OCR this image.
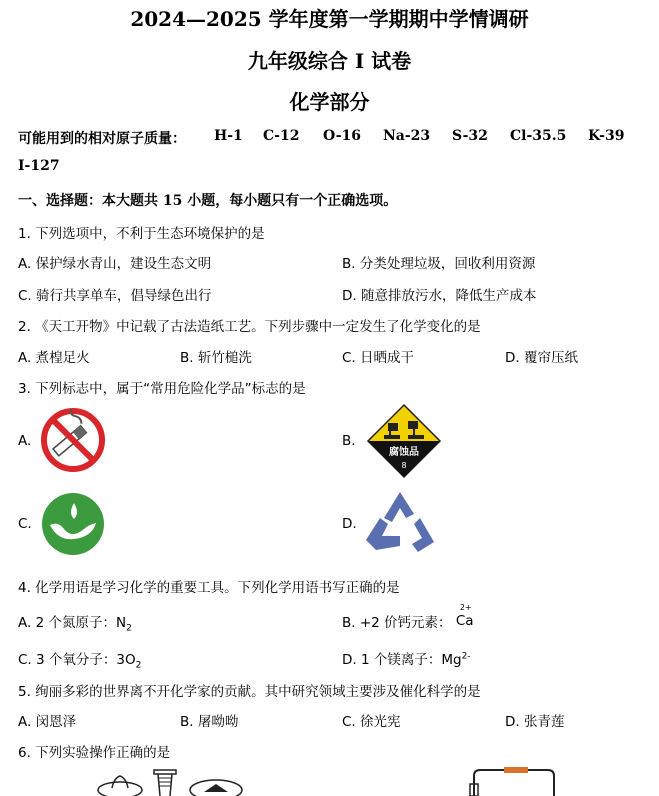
2024—2025 学年度第一学期期中学情调研
九年级综合 I 试卷
化学部分
可能用到的相对原子质量： H-1 C-12 O-16 Na-23 S-32 Cl-35.5 K-39
I-127
一、选择题：本大题共 15 小题，每小题只有一个正确选项。
1. 下列选项中，不利于生态环境保护的是
A. 保护绿水青山，建设生态文明	B. 分类处理垃圾，回收利用资源
C. 骑行共享单车，倡导绿色出行	D. 随意排放污水，降低生产成本
2. 《天工开物》中记载了古法造纸工艺。下列步骤中一定发生了化学变化的是
A. 煮楻足火	B. 斩竹槌洗	C. 日晒成干	D. 覆帘压纸
3. 下列标志中，属于“常用危险化学品”标志的是
A.	B.
腐蚀品
8
C.	D.
4. 化学用语是学习化学的重要工具。下列化学用语书写正确的是
A. 2 个氮原子：$N_2$	B. +2 价钙元素：
2+
Ca
C. 3 个氧分子：$3O_2$	D. 1 个镁离子：$Mg^{2-}$
5. 绚丽多彩的世界离不开化学家的贡献。其中研究领域主要涉及催化科学的是
A. 闵恩泽	B. 屠呦呦	C. 徐光宪	D. 张青莲
6. 下列实验操作正确的是
